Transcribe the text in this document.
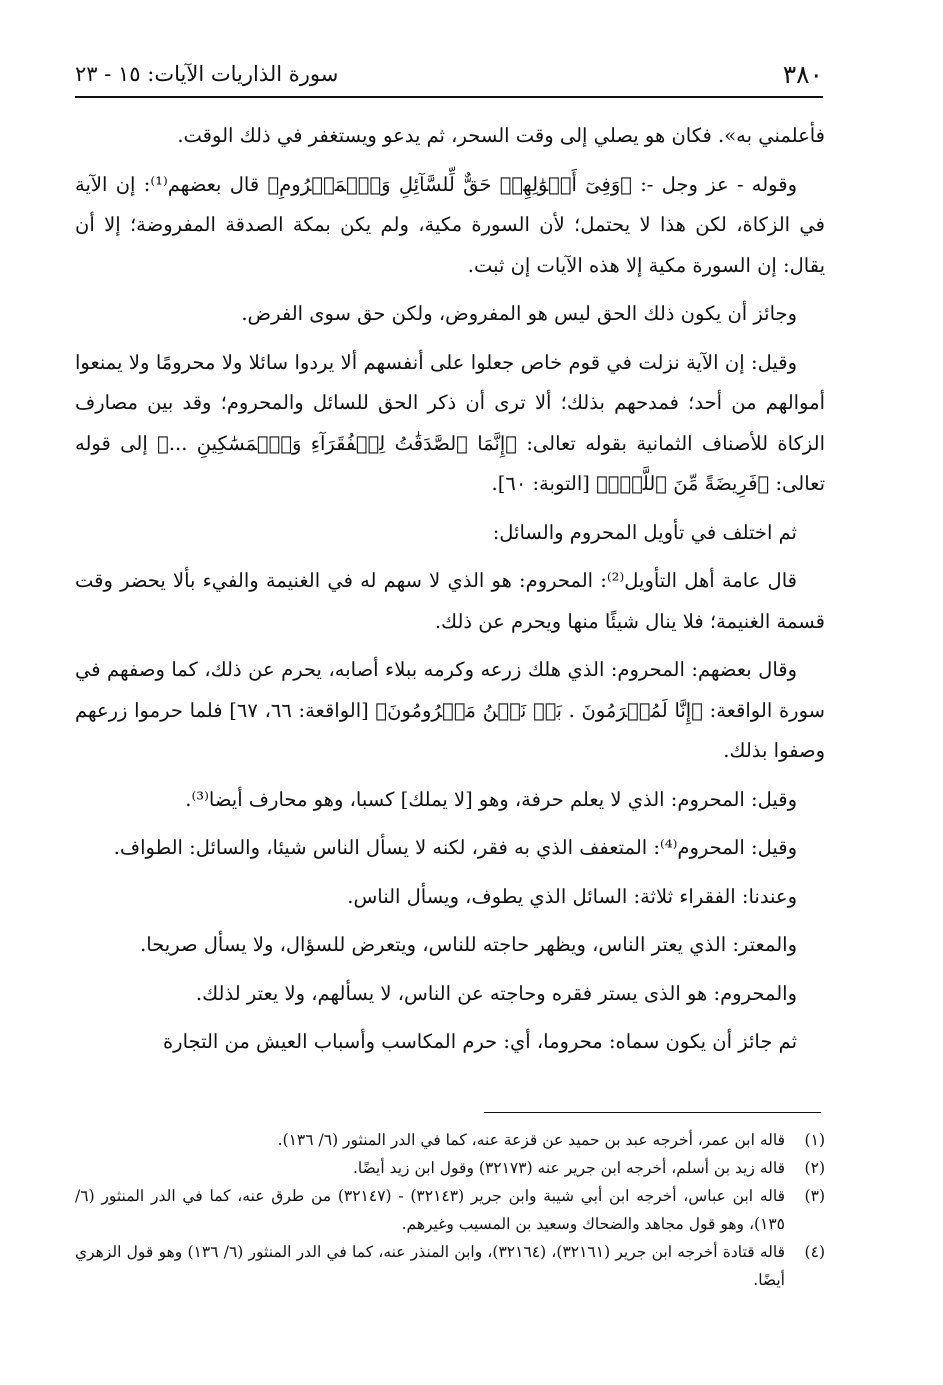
٣٨٠
سورة الذاريات الآيات: ١٥ - ٢٣

فأعلمني به». فكان هو يصلي إلى وقت السحر، ثم يدعو ويستغفر في ذلك الوقت.

وقوله - عز وجل -: ﴿وَفِىٓ أَمۡوَٰلِهِمۡ حَقٌّ لِّلسَّآئِلِ وَٱلۡمَحۡرُومِ﴾ قال بعضهم⁽¹⁾: إن الآية في الزكاة، لكن هذا لا يحتمل؛ لأن السورة مكية، ولم يكن بمكة الصدقة المفروضة؛ إلا أن يقال: إن السورة مكية إلا هذه الآيات إن ثبت.

وجائز أن يكون ذلك الحق ليس هو المفروض، ولكن حق سوى الفرض.

وقيل: إن الآية نزلت في قوم خاص جعلوا على أنفسهم ألا يردوا سائلا ولا محرومًا ولا يمنعوا أموالهم من أحد؛ فمدحهم بذلك؛ ألا ترى أن ذكر الحق للسائل والمحروم؛ وقد بين مصارف الزكاة للأصناف الثمانية بقوله تعالى: ﴿إِنَّمَا ٱلصَّدَقَٰتُ لِلۡفُقَرَآءِ وَٱلۡمَسَٰكِينِ ...﴾ إلى قوله تعالى: ﴿فَرِيضَةً مِّنَ ٱللَّهِۗ﴾ [التوبة: ٦٠].

ثم اختلف في تأويل المحروم والسائل:

قال عامة أهل التأويل⁽²⁾: المحروم: هو الذي لا سهم له في الغنيمة والفيء بألا يحضر وقت قسمة الغنيمة؛ فلا ينال شيئًا منها ويحرم عن ذلك.

وقال بعضهم: المحروم: الذي هلك زرعه وكرمه ببلاء أصابه، يحرم عن ذلك، كما وصفهم في سورة الواقعة: ﴿إِنَّا لَمُغۡرَمُونَ . بَلۡ نَحۡنُ مَحۡرُومُونَ﴾ [الواقعة: ٦٦، ٦٧] فلما حرموا زرعهم وصفوا بذلك.

وقيل: المحروم: الذي لا يعلم حرفة، وهو [لا يملك] كسبا، وهو محارف أيضا⁽³⁾.

وقيل: المحروم⁽⁴⁾: المتعفف الذي به فقر، لكنه لا يسأل الناس شيئا، والسائل: الطواف.

وعندنا: الفقراء ثلاثة: السائل الذي يطوف، ويسأل الناس.

والمعتر: الذي يعتر الناس، ويظهر حاجته للناس، ويتعرض للسؤال، ولا يسأل صريحا.

والمحروم: هو الذى يستر فقره وحاجته عن الناس، لا يسألهم، ولا يعتر لذلك.

ثم جائز أن يكون سماه: محروما، أي: حرم المكاسب وأسباب العيش من التجارة

(١)
قاله ابن عمر، أخرجه عبد بن حميد عن قزعة عنه، كما في الدر المنثور (٦/ ١٣٦).
(٢)
قاله زيد بن أسلم، أخرجه ابن جرير عنه (٣٢١٧٣) وقول ابن زيد أيضًا.
(٣)
قاله ابن عباس، أخرجه ابن أبي شيبة وابن جرير (٣٢١٤٣) - (٣٢١٤٧) من طرق عنه، كما في الدر المنثور (٦/ ١٣٥)، وهو قول مجاهد والضحاك وسعيد بن المسيب وغيرهم.
(٤)
قاله قتادة أخرجه ابن جرير (٣٢١٦١)، (٣٢١٦٤)، وابن المنذر عنه، كما في الدر المنثور (٦/ ١٣٦) وهو قول الزهري أيضًا.
